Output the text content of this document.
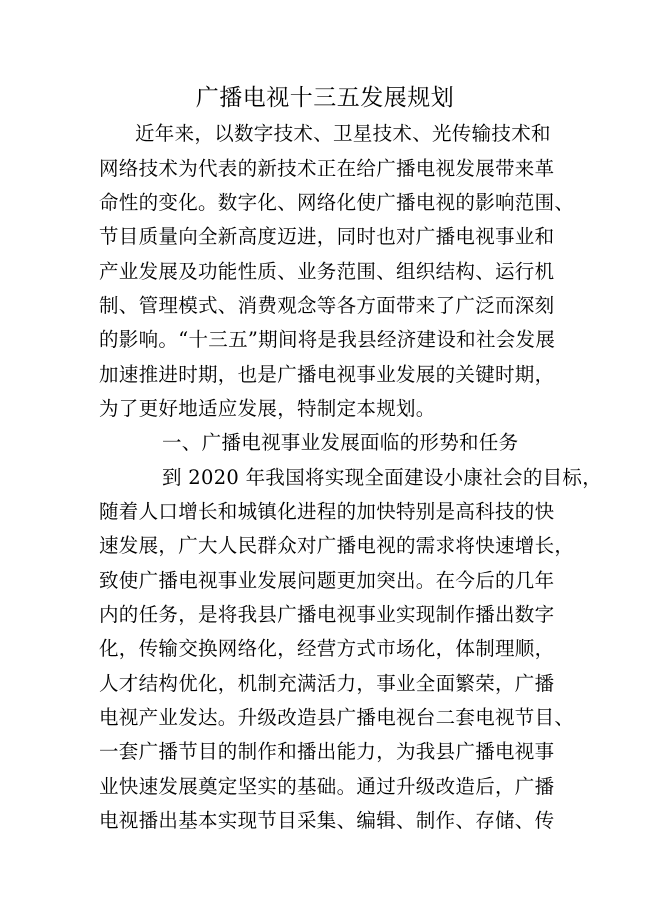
广播电视十三五发展规划
近年来，以数字技术、卫星技术、光传输技术和
网络技术为代表的新技术正在给广播电视发展带来革
命性的变化。数字化、网络化使广播电视的影响范围、
节目质量向全新高度迈进，同时也对广播电视事业和
产业发展及功能性质、业务范围、组织结构、运行机
制、管理模式、消费观念等各方面带来了广泛而深刻
的影响。“十三五”期间将是我县经济建设和社会发展
加速推进时期，也是广播电视事业发展的关键时期，
为了更好地适应发展，特制定本规划。
一、广播电视事业发展面临的形势和任务
到 2020 年我国将实现全面建设小康社会的目标，
随着人口增长和城镇化进程的加快特别是高科技的快
速发展，广大人民群众对广播电视的需求将快速增长，
致使广播电视事业发展问题更加突出。在今后的几年
内的任务，是将我县广播电视事业实现制作播出数字
化，传输交换网络化，经营方式市场化，体制理顺，
人才结构优化，机制充满活力，事业全面繁荣，广播
电视产业发达。升级改造县广播电视台二套电视节目、
一套广播节目的制作和播出能力，为我县广播电视事
业快速发展奠定坚实的基础。通过升级改造后，广播
电视播出基本实现节目采集、编辑、制作、存储、传
